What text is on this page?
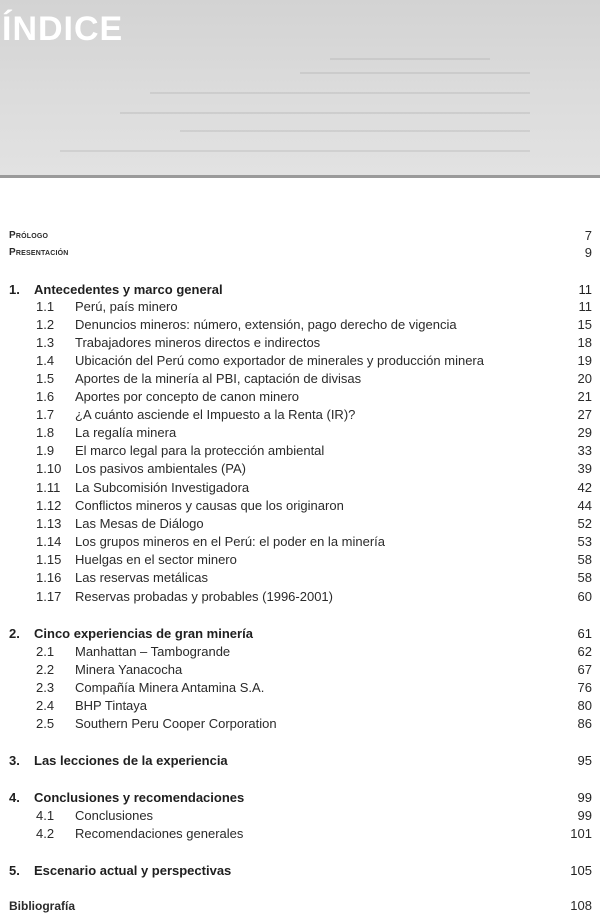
ÍNDICE
Prólogo	7
Presentación	9
1. Antecedentes y marco general	11
1.1 Perú, país minero	11
1.2 Denuncios mineros: número, extensión, pago derecho de vigencia	15
1.3 Trabajadores mineros directos e indirectos	18
1.4 Ubicación del Perú como exportador de minerales y producción minera	19
1.5 Aportes de la minería al PBI, captación de divisas	20
1.6 Aportes por concepto de canon minero	21
1.7 ¿A cuánto asciende el Impuesto a la Renta (IR)?	27
1.8 La regalía minera	29
1.9 El marco legal para la protección ambiental	33
1.10 Los pasivos ambientales (PA)	39
1.11 La Subcomisión Investigadora	42
1.12 Conflictos mineros y causas que los originaron	44
1.13 Las Mesas de Diálogo	52
1.14 Los grupos mineros en el Perú: el poder en la minería	53
1.15 Huelgas en el sector minero	58
1.16 Las reservas metálicas	58
1.17 Reservas probadas y probables (1996-2001)	60
2. Cinco experiencias de gran minería	61
2.1 Manhattan – Tambogrande	62
2.2 Minera Yanacocha	67
2.3 Compañía Minera Antamina S.A.	76
2.4 BHP Tintaya	80
2.5 Southern Peru Cooper Corporation	86
3. Las lecciones de la experiencia	95
4. Conclusiones y recomendaciones	99
4.1 Conclusiones	99
4.2 Recomendaciones generales	101
5. Escenario actual y perspectivas	105
Bibliografía	108
